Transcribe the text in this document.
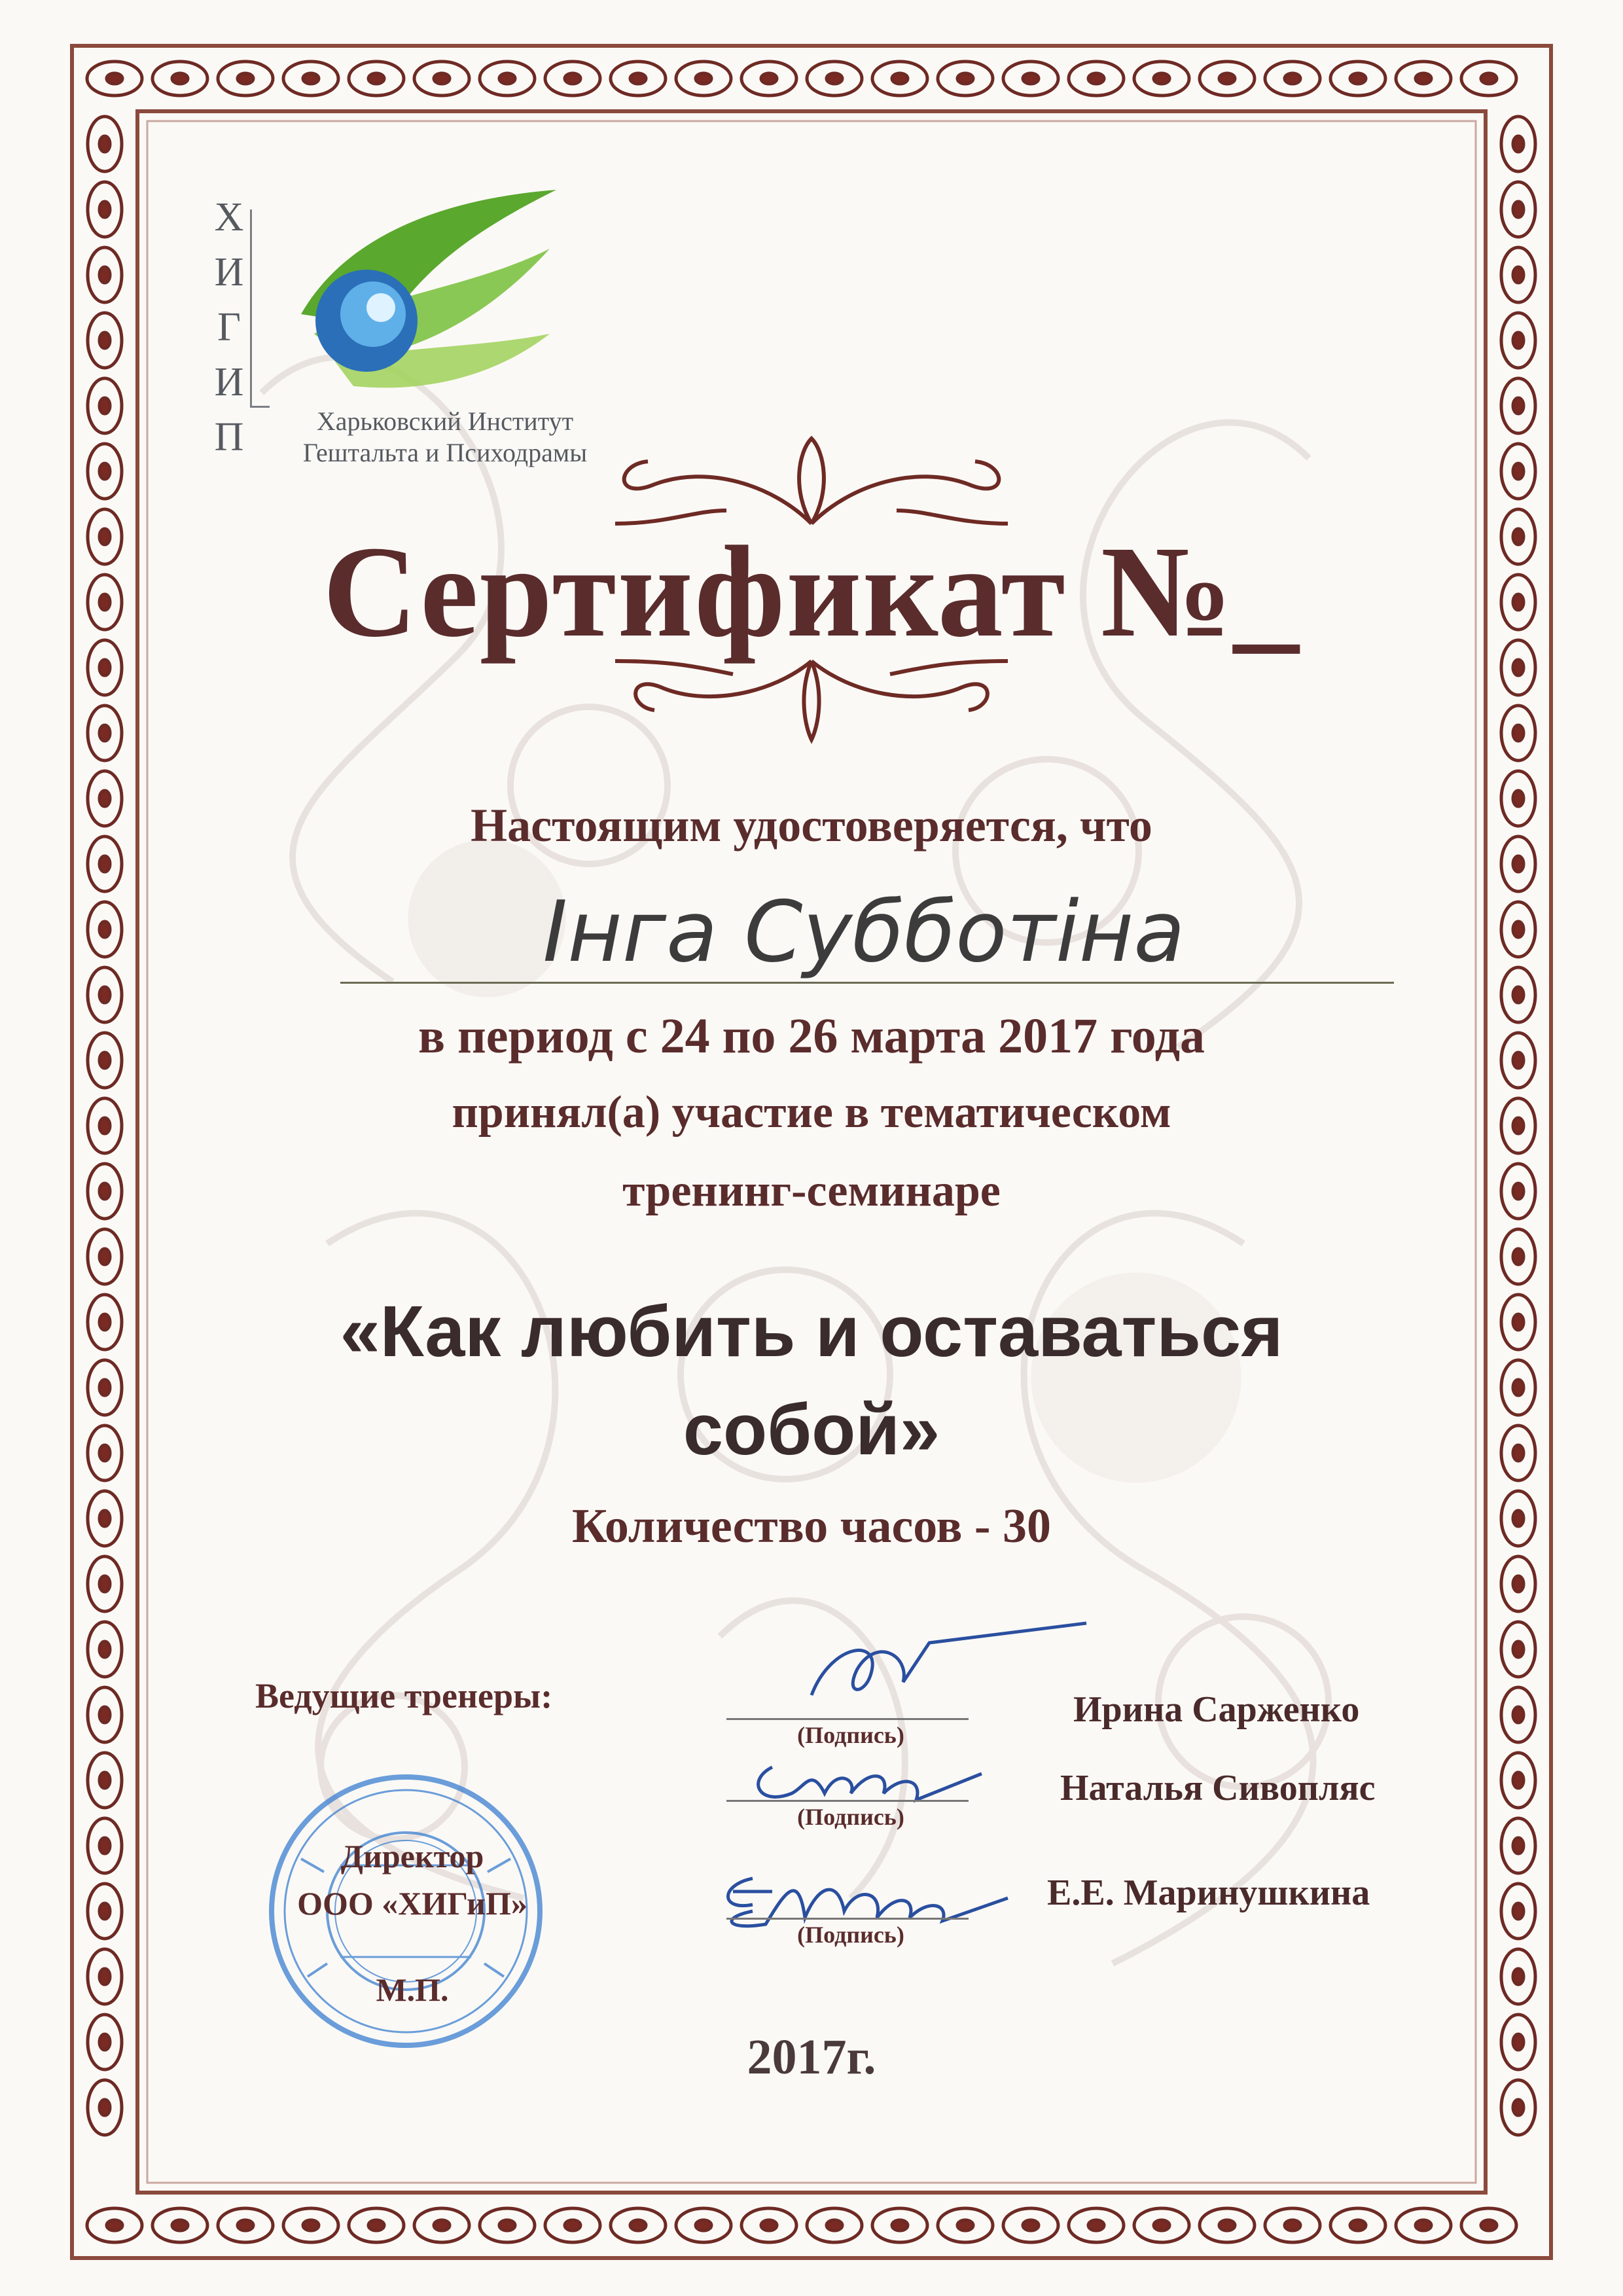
Х
И
Г
И
П	Харьковский Институт
Гештальта и Психодрамы
Сертификат №_
Настоящим удостоверяется, что
Інга Субботіна
в период с 24 по 26 марта 2017 года
принял(а) участие в тематическом
тренинг-семинаре
«Как любить и оставаться
собой»
Количество часов - 30
Ведущие тренеры:
(Подпись)
Ирина Сарженко
(Подпись)
Наталья Сивопляс
(Подпись)
Е.Е. Маринушкина
Директор
ООО «ХИГиП»
М.П.
2017г.
